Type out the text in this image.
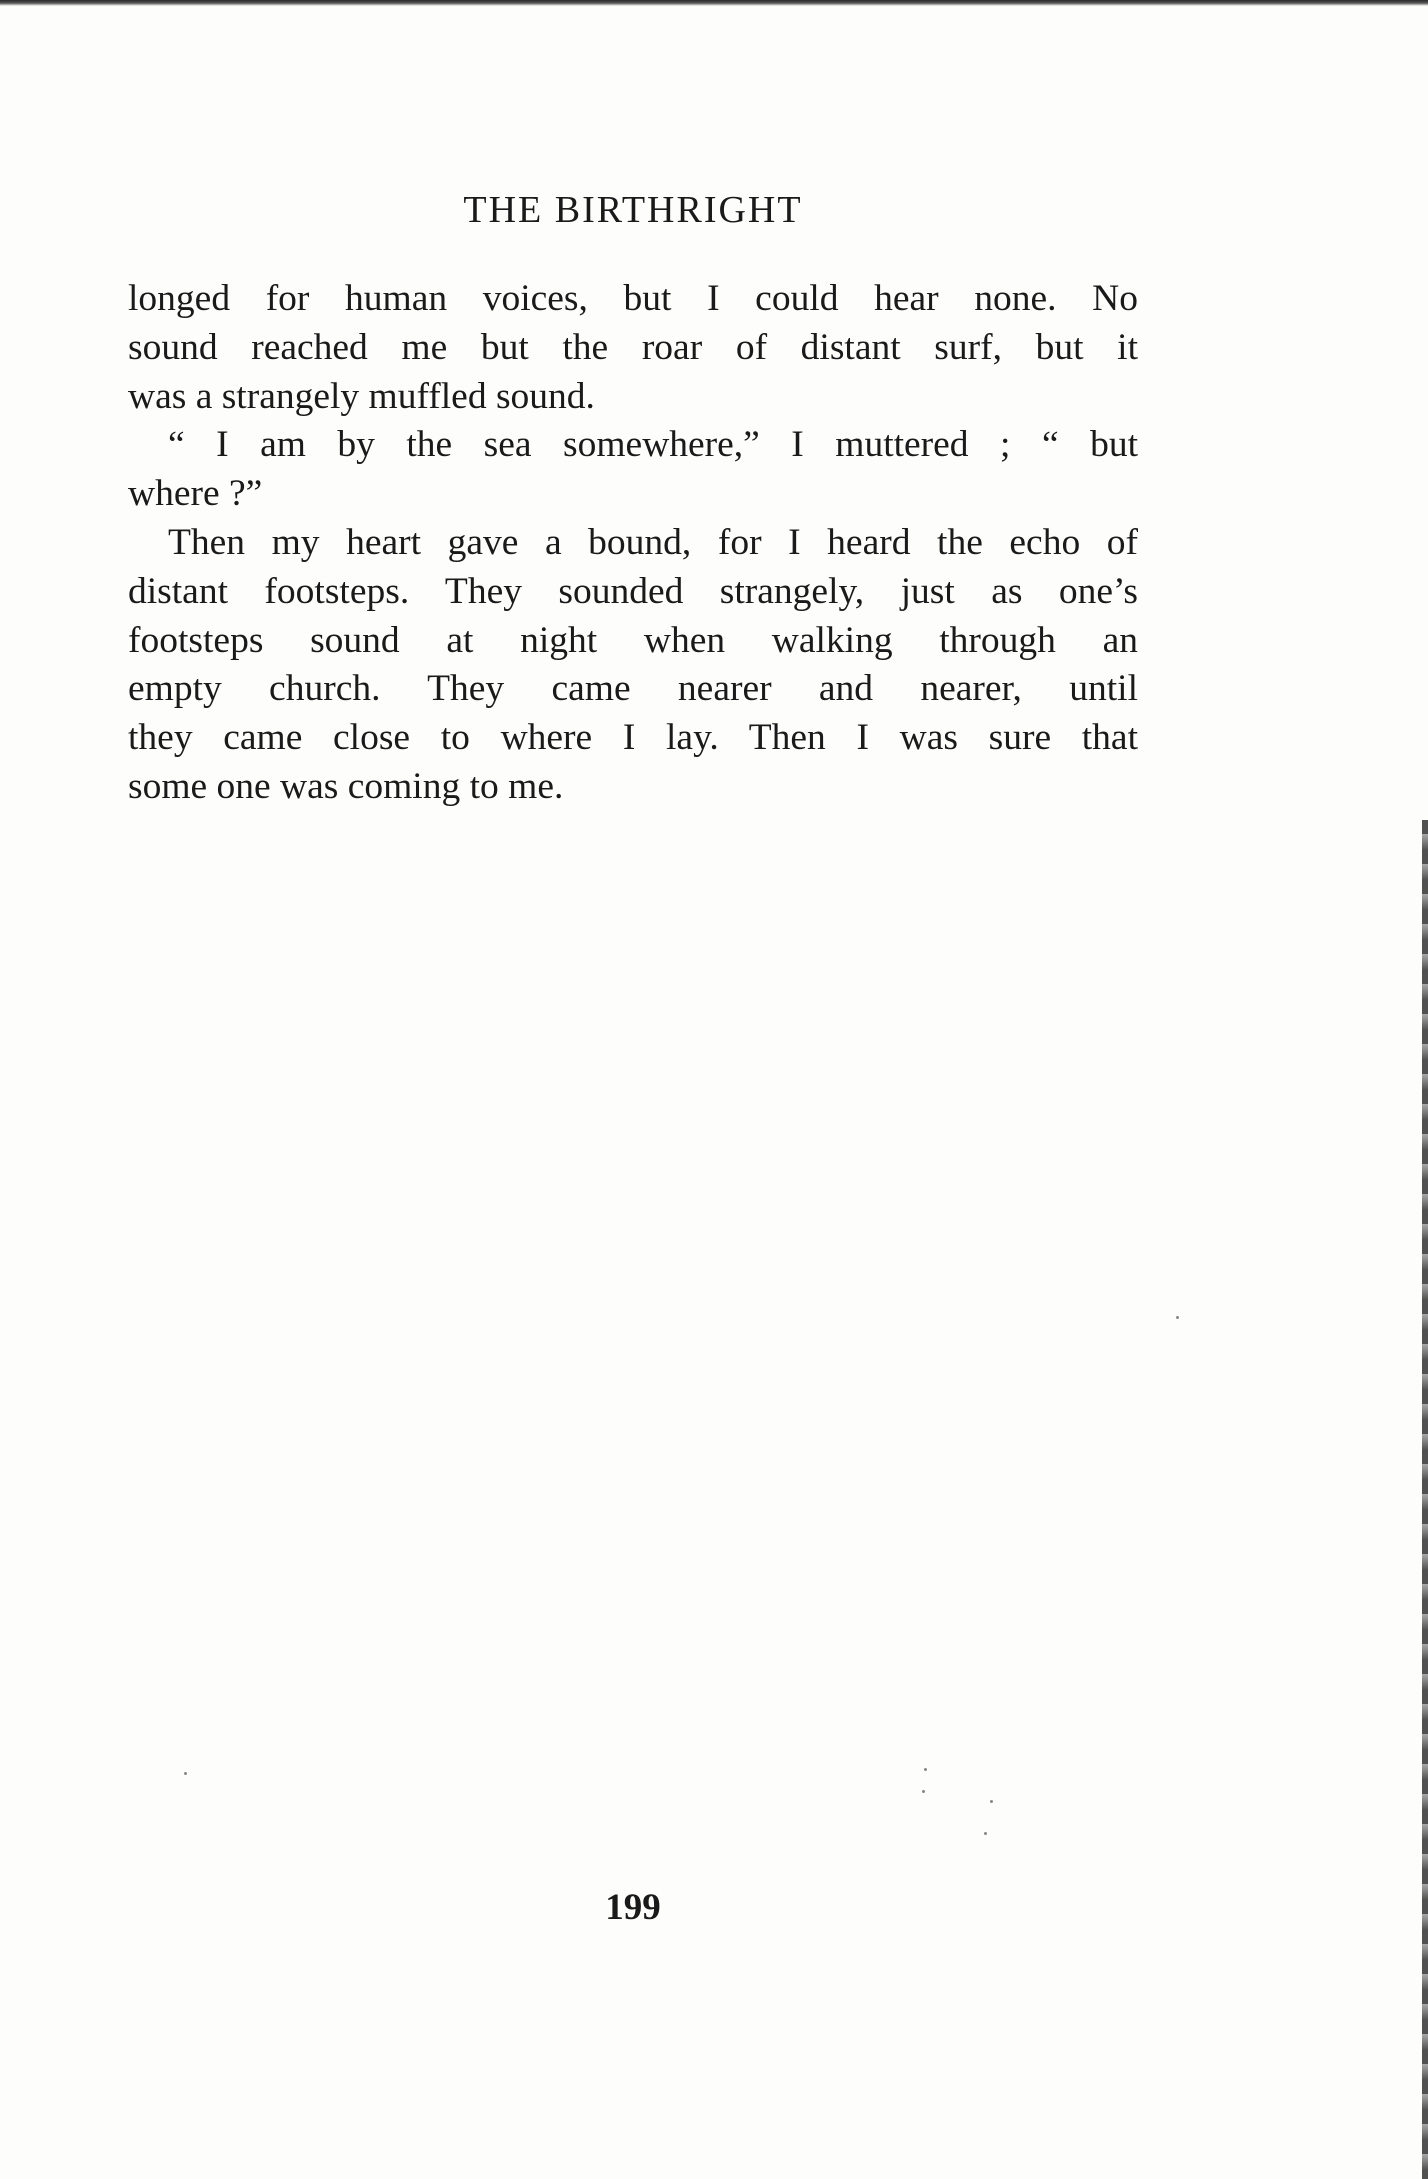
THE BIRTHRIGHT

longed for human voices, but I could hear none. No
sound reached me but the roar of distant surf, but it
was a strangely muffled sound.

“ I am by the sea somewhere,” I muttered ; “ but
where ?”

Then my heart gave a bound, for I heard the echo of
distant footsteps. They sounded strangely, just as one’s
footsteps sound at night when walking through an
empty church. They came nearer and nearer, until
they came close to where I lay. Then I was sure that
some one was coming to me.

199
